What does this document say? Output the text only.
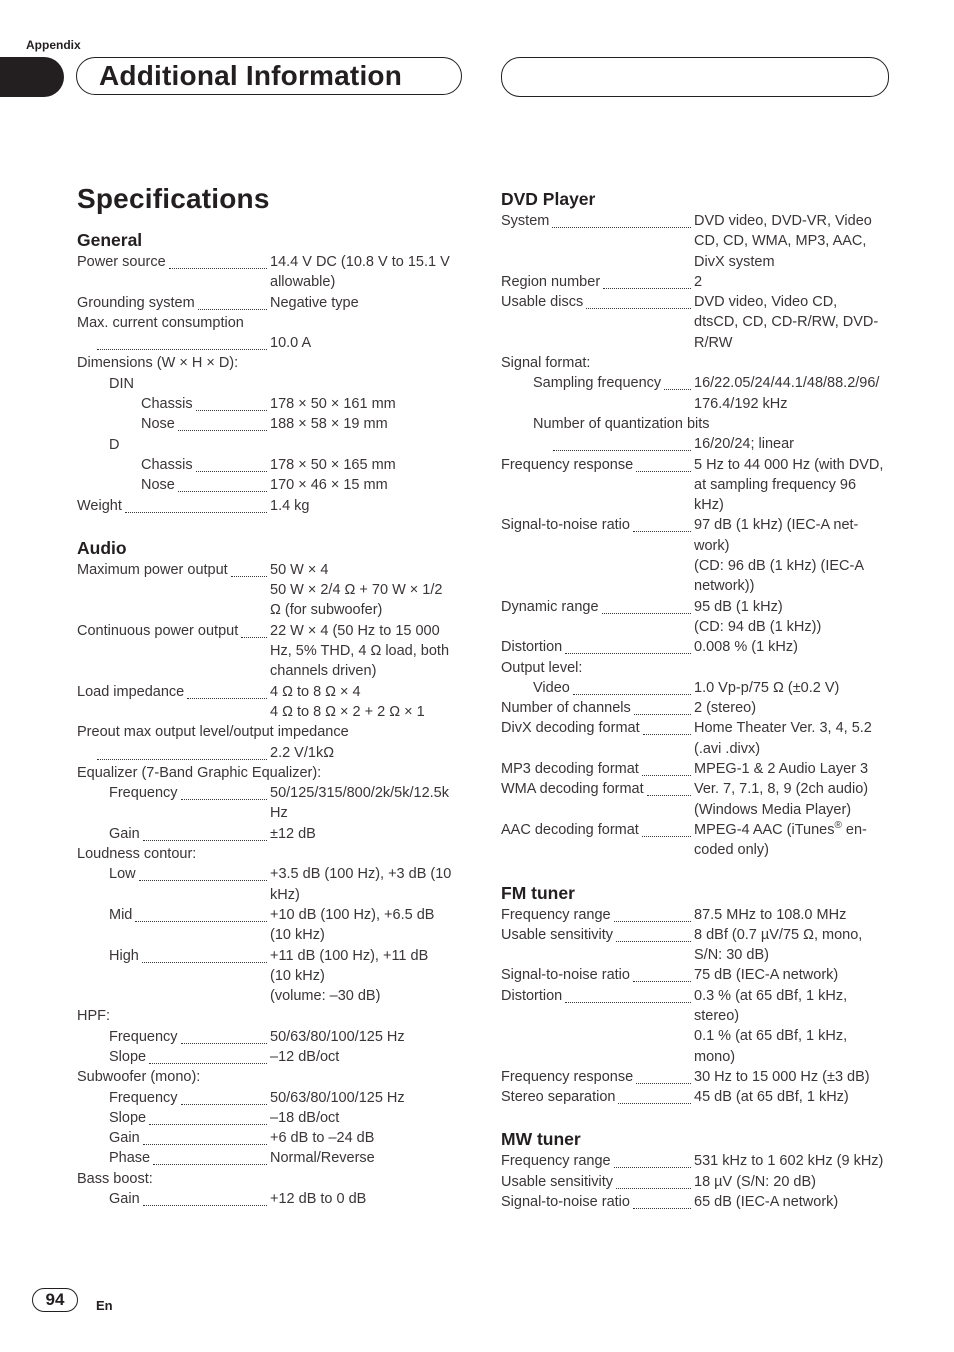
Appendix
Additional Information
Specifications
General
Power source	14.4 V DC (10.8 V to 15.1 V
allowable)
Grounding system	Negative type
Max. current consumption
10.0 A
Dimensions (W × H × D):
DIN
Chassis	178 × 50 × 161 mm
Nose	188 × 58 × 19 mm
D
Chassis	178 × 50 × 165 mm
Nose	170 × 46 × 15 mm
Weight	1.4 kg
Audio
Maximum power output	50 W × 4
50 W × 2/4 Ω + 70 W × 1/2
Ω (for subwoofer)
Continuous power output 22 W × 4 (50 Hz to 15 000
Hz, 5% THD, 4 Ω load, both
channels driven)
Load impedance	4 Ω to 8 Ω × 4
4 Ω to 8 Ω × 2 + 2 Ω × 1
Preout max output level/output impedance
2.2 V/1kΩ
Equalizer (7-Band Graphic Equalizer):
Frequency	50/125/315/800/2k/5k/12.5k
Hz
Gain	±12 dB
Loudness contour:
Low	+3.5 dB (100 Hz), +3 dB (10
kHz)
Mid	+10 dB (100 Hz), +6.5 dB
(10 kHz)
High	+11 dB (100 Hz), +11 dB
(10 kHz)
(volume: –30 dB)
HPF:
Frequency	50/63/80/100/125 Hz
Slope	–12 dB/oct
Subwoofer (mono):
Frequency	50/63/80/100/125 Hz
Slope	–18 dB/oct
Gain	+6 dB to –24 dB
Phase	Normal/Reverse
Bass boost:
Gain	+12 dB to 0 dB
DVD Player
System	DVD video, DVD-VR, Video
CD, CD, WMA, MP3, AAC,
DivX system
Region number	2
Usable discs	DVD video, Video CD,
dtsCD, CD, CD-R/RW, DVD-
R/RW
Signal format:
Sampling frequency 16/22.05/24/44.1/48/88.2/96/
176.4/192 kHz
Number of quantization bits
16/20/24; linear
Frequency response	5 Hz to 44 000 Hz (with DVD,
at sampling frequency 96
kHz)
Signal-to-noise ratio	97 dB (1 kHz) (IEC-A net-
work)
(CD: 96 dB (1 kHz) (IEC-A
network))
Dynamic range	95 dB (1 kHz)
(CD: 94 dB (1 kHz))
Distortion	0.008 % (1 kHz)
Output level:
Video	1.0 Vp-p/75 Ω (±0.2 V)
Number of channels	2 (stereo)
DivX decoding format	Home Theater Ver. 3, 4, 5.2
(.avi .divx)
MP3 decoding format	MPEG-1 & 2 Audio Layer 3
WMA decoding format	Ver. 7, 7.1, 8, 9 (2ch audio)
(Windows Media Player)
AAC decoding format	MPEG-4 AAC (iTunes® en-
coded only)
FM tuner
Frequency range	87.5 MHz to 108.0 MHz
Usable sensitivity	8 dBf (0.7 µV/75 Ω, mono,
S/N: 30 dB)
Signal-to-noise ratio	75 dB (IEC-A network)
Distortion	0.3 % (at 65 dBf, 1 kHz,
stereo)
0.1 % (at 65 dBf, 1 kHz,
mono)
Frequency response	30 Hz to 15 000 Hz (±3 dB)
Stereo separation	45 dB (at 65 dBf, 1 kHz)
MW tuner
Frequency range	531 kHz to 1 602 kHz (9 kHz)
Usable sensitivity	18 µV (S/N: 20 dB)
Signal-to-noise ratio	65 dB (IEC-A network)
94	En
